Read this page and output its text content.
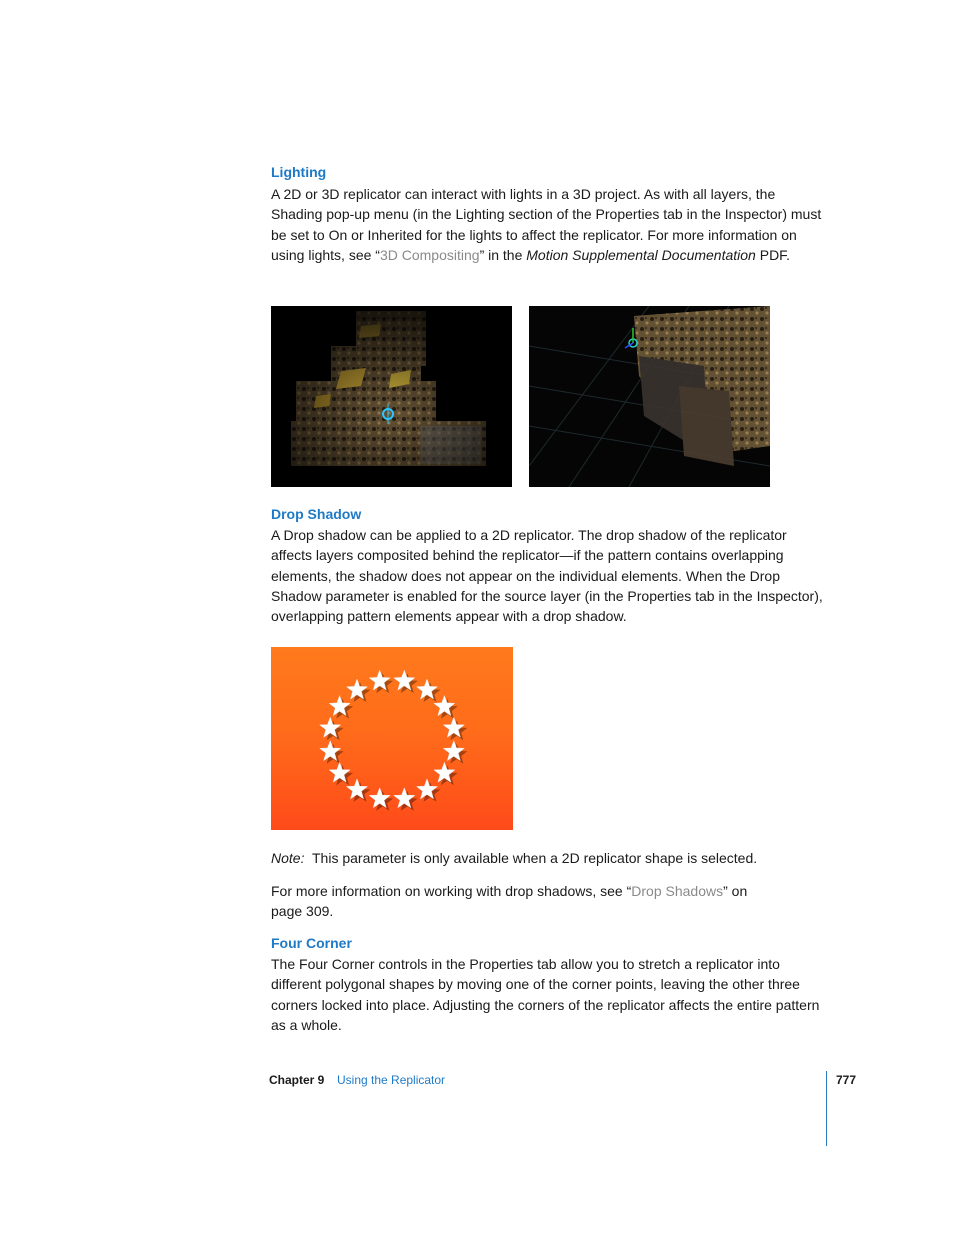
Lighting

A 2D or 3D replicator can interact with lights in a 3D project. As with all layers, the Shading pop-up menu (in the Lighting section of the Properties tab in the Inspector) must be set to On or Inherited for the lights to affect the replicator. For more information on using lights, see “3D Compositing” in the Motion Supplemental Documentation PDF.

Drop Shadow

A Drop shadow can be applied to a 2D replicator. The drop shadow of the replicator affects layers composited behind the replicator—if the pattern contains overlapping elements, the shadow does not appear on the individual elements. When the Drop Shadow parameter is enabled for the source layer (in the Properties tab in the Inspector), overlapping pattern elements appear with a drop shadow.

Note: This parameter is only available when a 2D replicator shape is selected.

For more information on working with drop shadows, see “Drop Shadows” on page 309.

Four Corner

The Four Corner controls in the Properties tab allow you to stretch a replicator into different polygonal shapes by moving one of the corner points, leaving the other three corners locked into place. Adjusting the corners of the replicator affects the entire pattern as a whole.

Chapter 9 Using the Replicator	777
